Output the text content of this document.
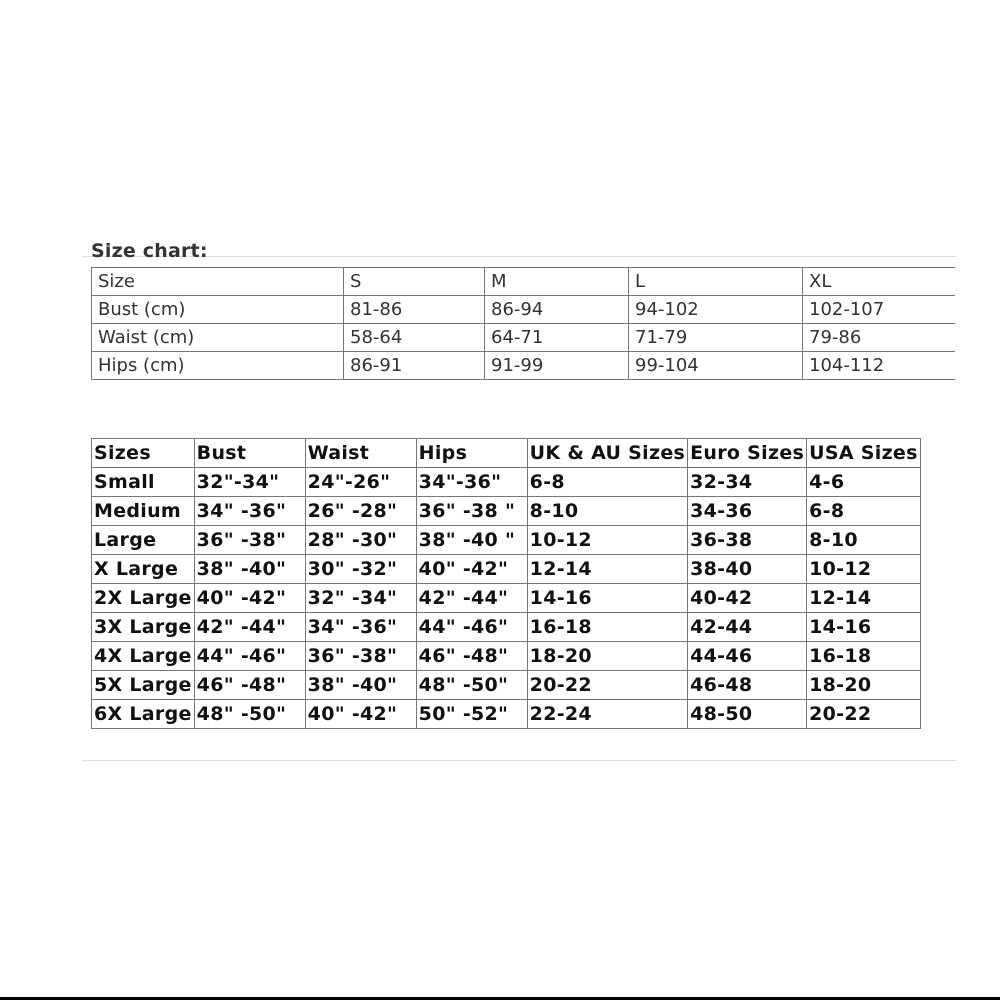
Size chart:
Size	S	M	L	XL
Bust (cm)	81-86	86-94	94-102	102-107
Waist (cm)	58-64	64-71	71-79	79-86
Hips (cm)	86-91	91-99	99-104	104-112
Sizes	Bust	Waist	Hips	UK & AU Sizes	Euro Sizes	USA Sizes
Small	32"-34"	24"-26"	34"-36"	6-8	32-34	4-6
Medium	34" -36"	26" -28"	36" -38 "	8-10	34-36	6-8
Large	36" -38"	28" -30"	38" -40 "	10-12	36-38	8-10
X Large	38" -40"	30" -32"	40" -42"	12-14	38-40	10-12
2X Large	40" -42"	32" -34"	42" -44"	14-16	40-42	12-14
3X Large	42" -44"	34" -36"	44" -46"	16-18	42-44	14-16
4X Large	44" -46"	36" -38"	46" -48"	18-20	44-46	16-18
5X Large	46" -48"	38" -40"	48" -50"	20-22	46-48	18-20
6X Large	48" -50"	40" -42"	50" -52"	22-24	48-50	20-22
